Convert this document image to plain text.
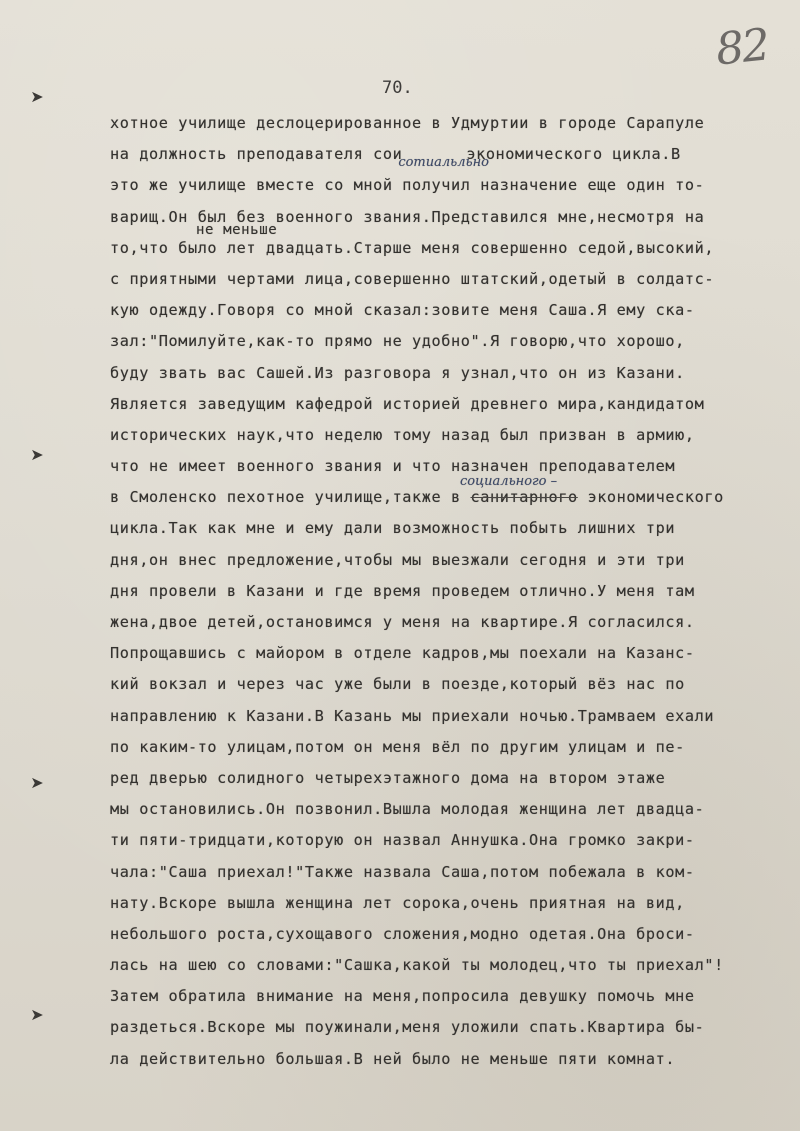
➤
➤
➤
➤
82
70.
хотное училище деслоцерированное в Удмуртии в городе Сарапуле
на должность преподавателя сои
сотиальльно
экономического цикла.В
это же училище вместе со мной получил назначение еще один то-
варищ.Он был без военного звания.Представился мне,несмотря на
не меньше
то,что было лет двадцать.Старше меня совершенно седой,высокий,
с приятными чертами лица,совершенно штатский,одетый в солдатс-
кую одежду.Говоря со мной сказал:зовите меня Саша.Я ему ска-
зал:"Помилуйте,как-то прямо не удобно".Я говорю,что хорошо,
буду звать вас Сашей.Из разговора я узнал,что он из Казани.
Является заведущим кафедрой историей древнего мира,кандидатом
исторических наук,что неделю тому назад был призван в армию,
что не имеет военного звания и что назначен преподавателем
социального –
в Смоленско пехотное училище,также в санитарного экономического
цикла.Так как мне и ему дали возможность побыть лишних три
дня,он внес предложение,чтобы мы выезжали сегодня и эти три
дня провели в Казани и где время проведем отлично.У меня там
жена,двое детей,остановимся у меня на квартире.Я согласился.
Попрощавшись с майором в отделе кадров,мы поехали на Казанс-
кий вокзал и через час уже были в поезде,который вёз нас по
направлению к Казани.В Казань мы приехали ночью.Трамваем ехали
по каким-то улицам,потом он меня вёл по другим улицам и пе-
ред дверью солидного четырехэтажного дома на втором этаже
мы остановились.Он позвонил.Вышла молодая женщина лет двадца-
ти пяти-тридцати,которую он назвал Аннушка.Она громко закри-
чала:"Саша приехал!"Также назвала Саша,потом побежала в ком-
нату.Вскоре вышла женщина лет сорока,очень приятная на вид,
небольшого роста,сухощавого сложения,модно одетая.Она броси-
лась на шею со словами:"Сашка,какой ты молодец,что ты приехал"!
Затем обратила внимание на меня,попросила девушку помочь мне
раздеться.Вскоре мы поужинали,меня уложили спать.Квартира бы-
ла действительно большая.В ней было не меньше пяти комнат.
